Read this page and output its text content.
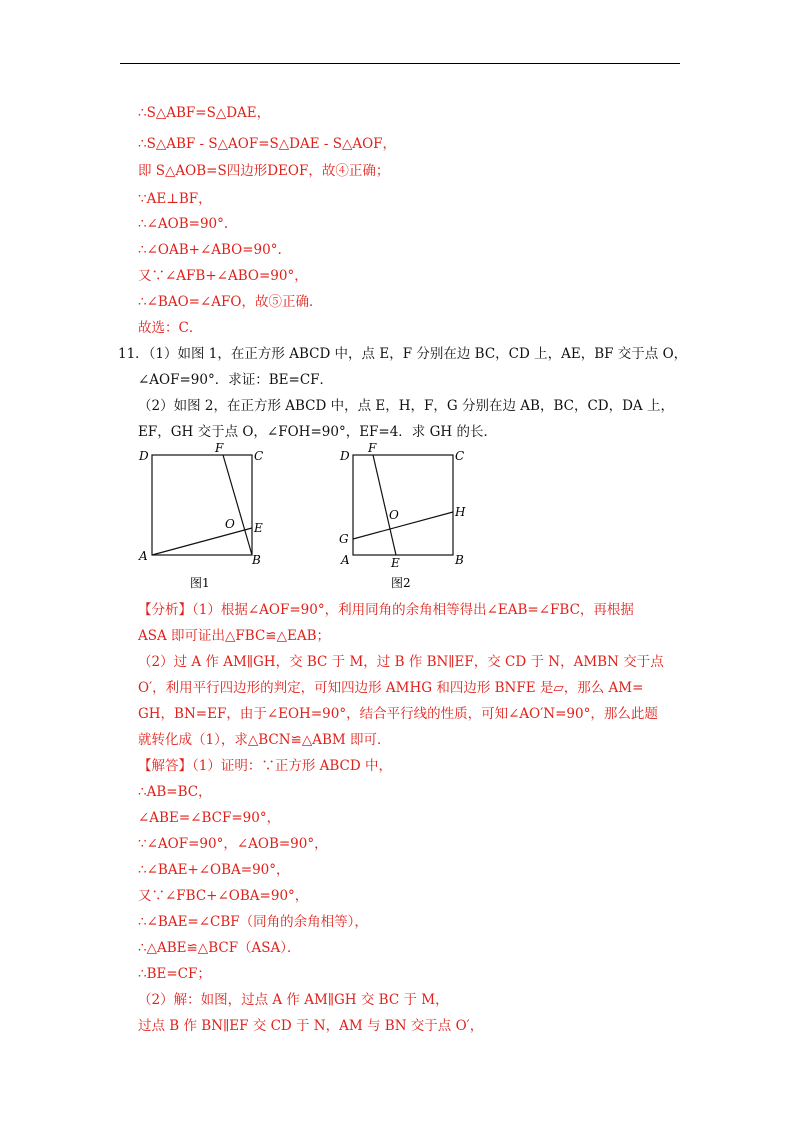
∴S△ABF=S△DAE，
∴S△ABF - S△AOF=S△DAE - S△AOF，
即 S△AOB=S四边形DEOF，故④正确；
∵AE⊥BF，
∴∠AOB=90°.
∴∠OAB+∠ABO=90°.
又∵∠AFB+∠ABO=90°，
∴∠BAO=∠AFO，故⑤正确．
故选：C．
11．（1）如图 1，在正方形 ABCD 中，点 E，F 分别在边 BC，CD 上，AE，BF 交于点 O，
∠AOF=90°．求证：BE=CF．
（2）如图 2，在正方形 ABCD 中，点 E，H，F，G 分别在边 AB，BC，CD，DA 上，
EF，GH 交于点 O，∠FOH=90°，EF=4．求 GH 的长．
【分析】（1）根据∠AOF=90°，利用同角的余角相等得出∠EAB=∠FBC，再根据
ASA 即可证出△FBC≌△EAB；
（2）过 A 作 AM∥GH，交 BC 于 M，过 B 作 BN∥EF，交 CD 于 N，AMBN 交于点
O′，利用平行四边形的判定，可知四边形 AMHG 和四边形 BNFE 是▱，那么 AM=
GH，BN=EF，由于∠EOH=90°，结合平行线的性质，可知∠AO′N=90°，那么此题
就转化成（1），求△BCN≌△ABM 即可．
【解答】（1）证明：∵正方形 ABCD 中，
∴AB=BC，
∠ABE=∠BCF=90°，
∵∠AOF=90°，∠AOB=90°，
∴∠BAE+∠OBA=90°，
又∵∠FBC+∠OBA=90°，
∴∠BAE=∠CBF（同角的余角相等），
∴△ABE≌△BCF（ASA）．
∴BE=CF；
（2）解：如图，过点 A 作 AM∥GH 交 BC 于 M，
过点 B 作 BN∥EF 交 CD 于 N，AM 与 BN 交于点 O′，
D	C
F
E
O
A	B
图1
D	C
F
H
O
G
A	B
E
图2
